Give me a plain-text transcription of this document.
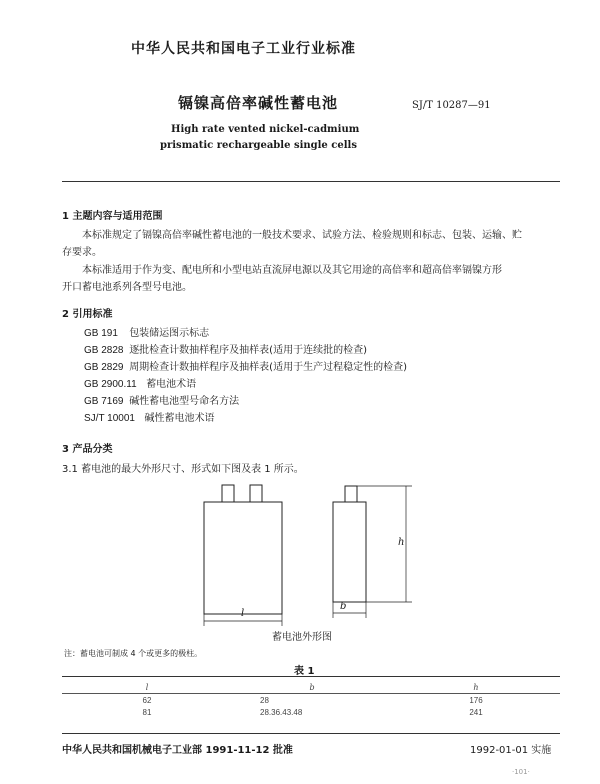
中华人民共和国电子工业行业标准
镉镍高倍率碱性蓄电池	SJ/T 10287—91
High rate vented nickel-cadmium
prismatic rechargeable single cells
1 主题内容与适用范围
本标准规定了镉镍高倍率碱性蓄电池的一般技术要求、试验方法、检验规则和标志、包装、运输、贮
存要求。
本标准适用于作为变、配电所和小型电站直流屏电源以及其它用途的高倍率和超高倍率镉镍方形
开口蓄电池系列各型号电池。
2 引用标准
GB 191 包装储运图示标志
GB 2828 逐批检查计数抽样程序及抽样表(适用于连续批的检查)
GB 2829 周期检查计数抽样程序及抽样表(适用于生产过程稳定性的检查)
GB 2900.11 蓄电池术语
GB 7169 碱性蓄电池型号命名方法
SJ/T 10001 碱性蓄电池术语
3 产品分类
3.1 蓄电池的最大外形尺寸、形式如下图及表 1 所示。
l
b
h
蓄电池外形图
注：蓄电池可制成 4 个或更多的极柱。
表 1
l	b	h
62	28	176
81	28.36.43.48	241
中华人民共和国机械电子工业部 1991-11-12 批准	1992-01-01 实施
·101·
